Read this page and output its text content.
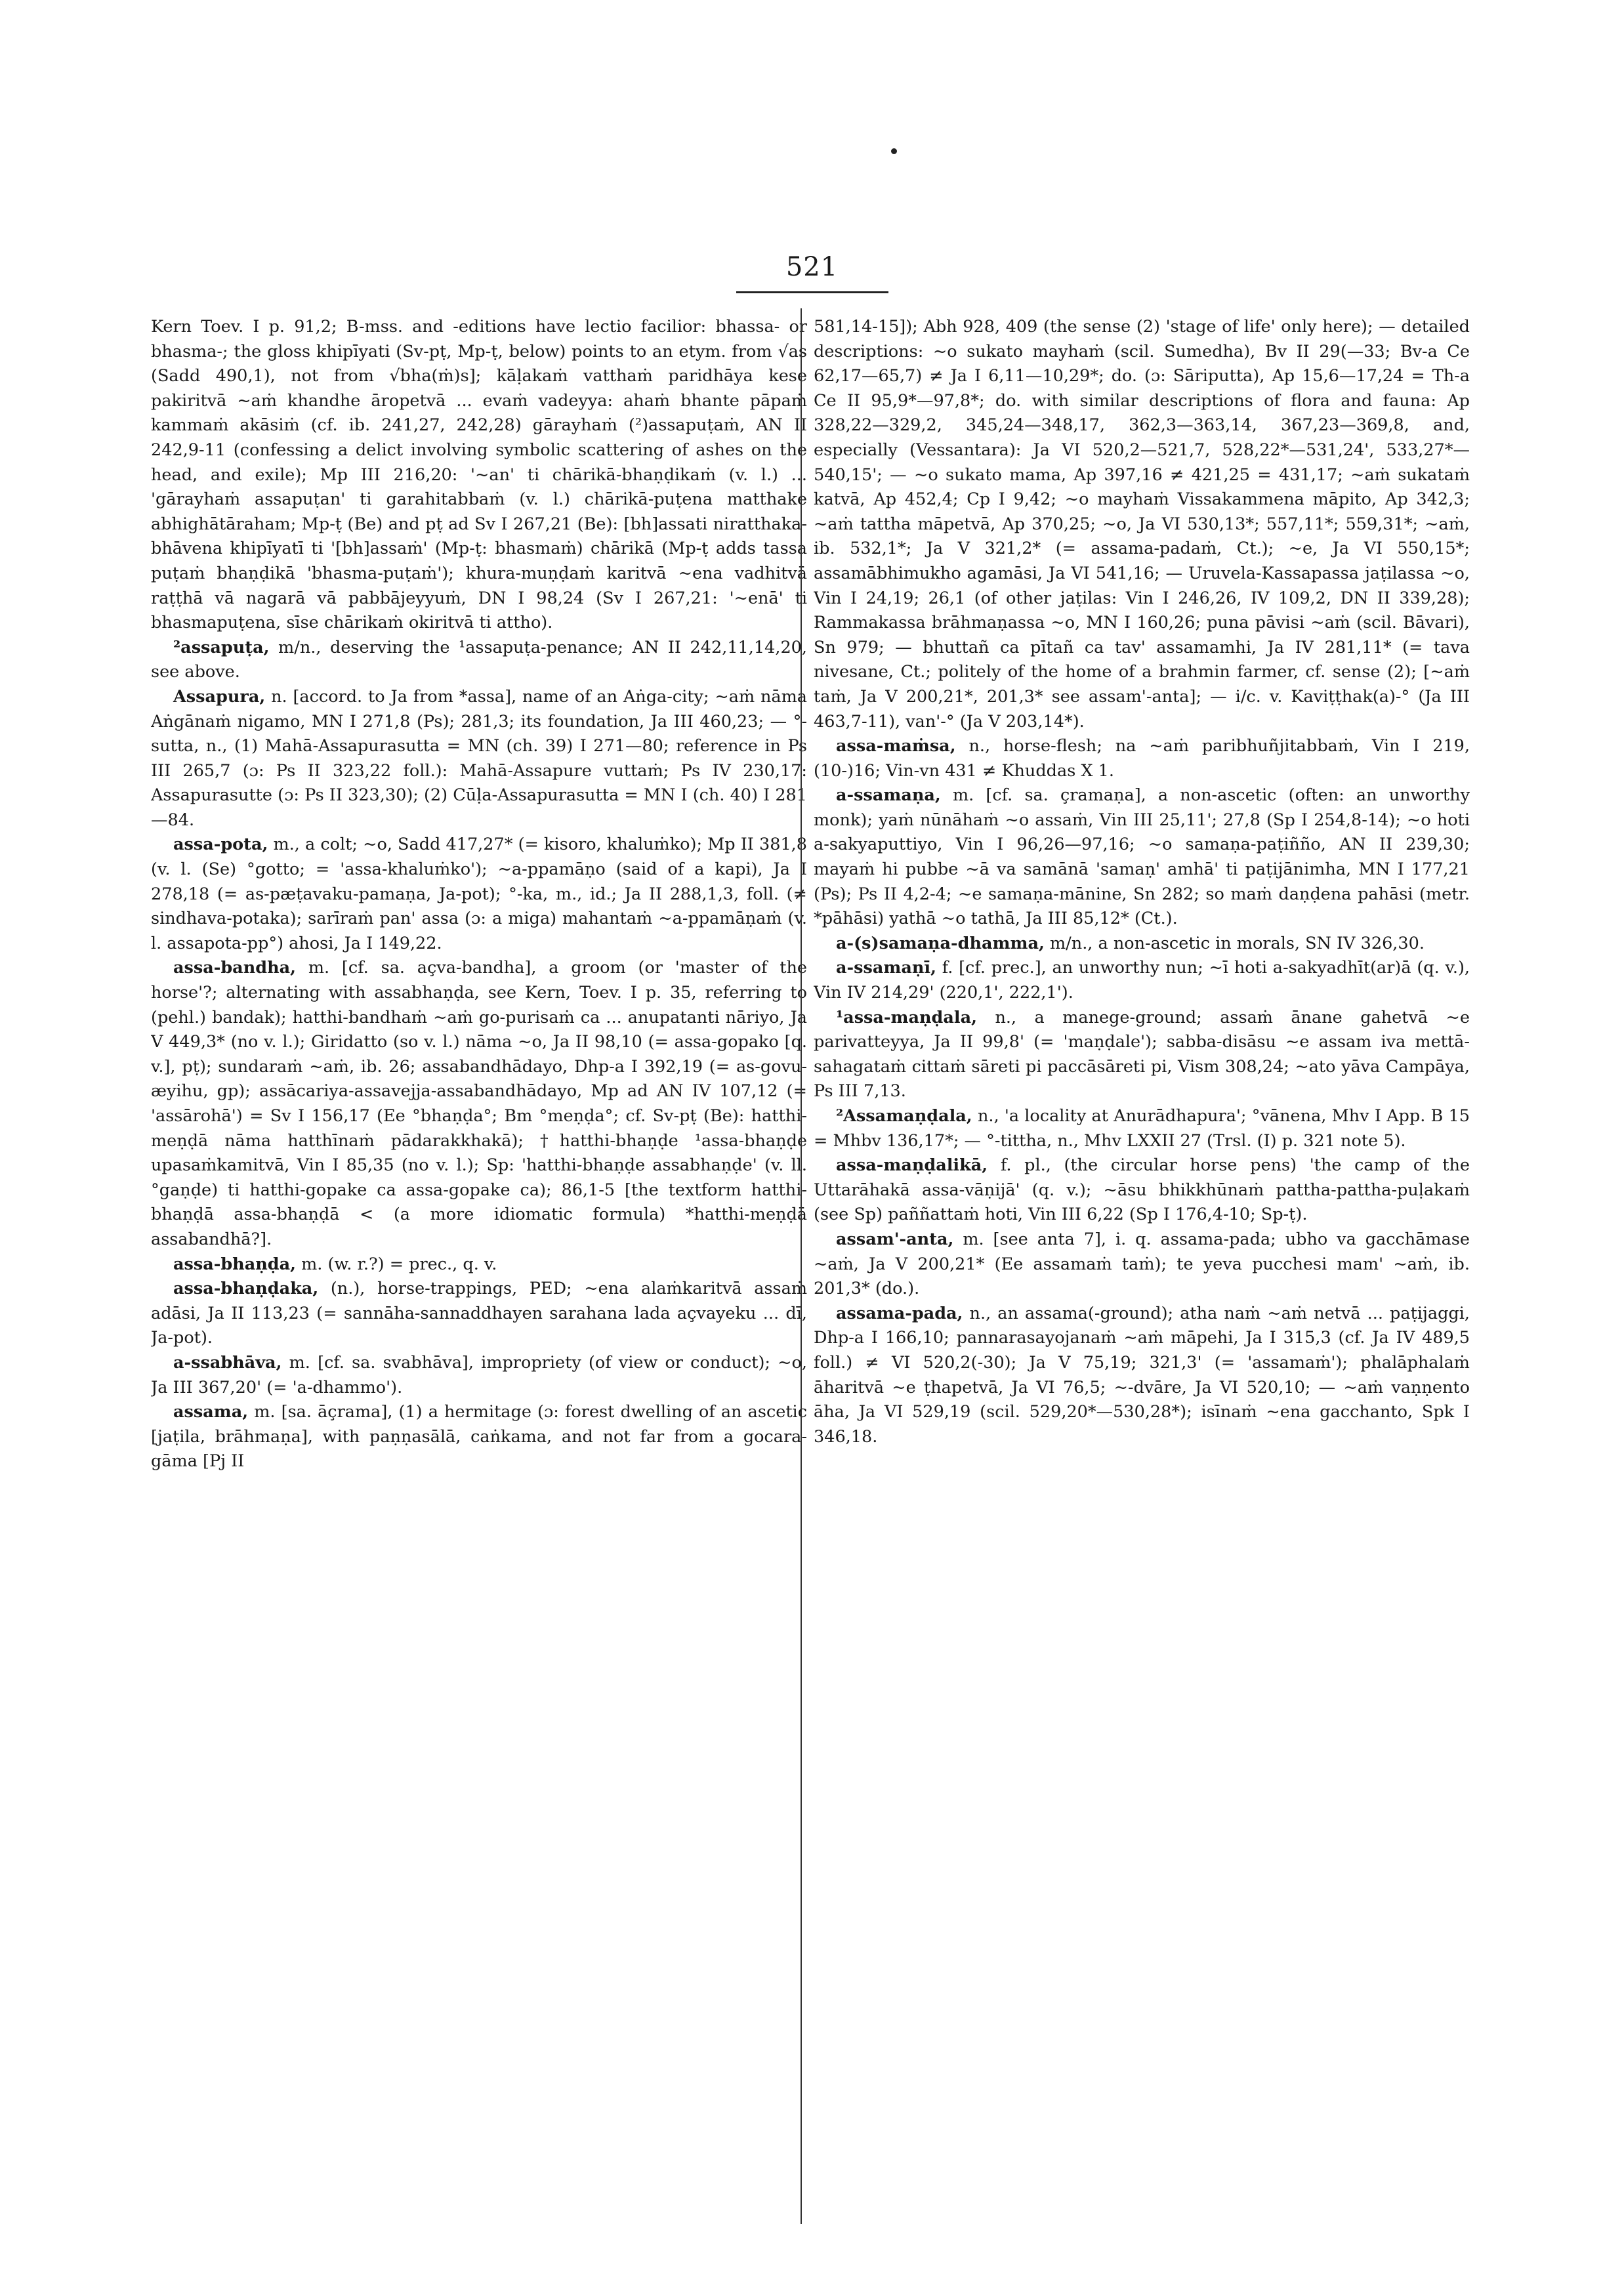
521

Kern Toev. I p. 91,2; B-mss. and -editions have lectio facilior: bhassa- or bhasma-; the gloss khipīyati (Sv-pṭ, Mp-ṭ, below) points to an etym. from √as (Sadd 490,1), not from √bha(ṁ)s]; kāḷakaṁ vatthaṁ paridhāya kese pakiritvā ~aṁ khandhe āropetvā ... evaṁ vadeyya: ahaṁ bhante pāpaṁ kammaṁ akāsiṁ (cf. ib. 241,27, 242,28) gārayhaṁ (²)assapuṭaṁ, AN II 242,9-11 (confessing a delict involving symbolic scattering of ashes on the head, and exile); Mp III 216,20: '~an' ti chārikā-bhaṇḍikaṁ (v. l.) ... 'gārayhaṁ assapuṭan' ti garahitabbaṁ (v. l.) chārikā-puṭena matthake abhighātāraham; Mp-ṭ (Be) and pṭ ad Sv I 267,21 (Be): [bh]assati niratthaka-bhāvena khipīyatī ti '[bh]assaṁ' (Mp-ṭ: bhasmaṁ) chārikā (Mp-ṭ adds tassa puṭaṁ bhaṇḍikā 'bhasma-puṭaṁ'); khura-muṇḍaṁ karitvā ~ena vadhitvā raṭṭhā vā nagarā vā pabbājeyyuṁ, DN I 98,24 (Sv I 267,21: '~enā' ti bhasmapuṭena, sīse chārikaṁ okiritvā ti attho).

²assapuṭa, m/n., deserving the ¹assapuṭa-penance; AN II 242,11,14,20, see above.

Assapura, n. [accord. to Ja from *assa], name of an Aṅga-city; ~aṁ nāma Aṅgānaṁ nigamo, MN I 271,8 (Ps); 281,3; its foundation, Ja III 460,23; — °-sutta, n., (1) Mahā-Assapurasutta = MN (ch. 39) I 271—80; reference in Ps III 265,7 (ɔ: Ps II 323,22 foll.): Mahā-Assapure vuttaṁ; Ps IV 230,17: Assapurasutte (ɔ: Ps II 323,30); (2) Cūḷa-Assapurasutta = MN I (ch. 40) I 281—84.

assa-pota, m., a colt; ~o, Sadd 417,27* (= kisoro, khaluṁko); Mp II 381,8 (v. l. (Se) °gotto; = 'assa-khaluṁko'); ~a-ppamāṇo (said of a kapi), Ja I 278,18 (= as-pæṭavaku-pamaṇa, Ja-pot); °-ka, m., id.; Ja II 288,1,3, foll. (≠ sindhava-potaka); sarīraṁ pan' assa (ɔ: a miga) mahantaṁ ~a-ppamāṇaṁ (v. l. assapota-pp°) ahosi, Ja I 149,22.

assa-bandha, m. [cf. sa. açva-bandha], a groom (or 'master of the horse'?; alternating with assabhaṇḍa, see Kern, Toev. I p. 35, referring to (pehl.) bandak); hatthi-bandhaṁ ~aṁ go-purisaṁ ca ... anupatanti nāriyo, Ja V 449,3* (no v. l.); Giridatto (so v. l.) nāma ~o, Ja II 98,10 (= assa-gopako [q. v.], pṭ); sundaraṁ ~aṁ, ib. 26; assabandhādayo, Dhp-a I 392,19 (= as-govu-æyihu, gp); assācariya-assavejja-assabandhādayo, Mp ad AN IV 107,12 (= 'assārohā') = Sv I 156,17 (Ee °bhaṇḍa°; Bm °meṇḍa°; cf. Sv-pṭ (Be): hatthi-meṇḍā nāma hatthīnaṁ pādarakkhakā); †hatthi-bhaṇḍe ¹assa-bhaṇḍe upasaṁkamitvā, Vin I 85,35 (no v. l.); Sp: 'hatthi-bhaṇḍe assabhaṇḍe' (v. ll. °gaṇḍe) ti hatthi-gopake ca assa-gopake ca); 86,1-5 [the textform hatthi-bhaṇḍā assa-bhaṇḍā < (a more idiomatic formula) *hatthi-meṇḍā assabandhā?].

assa-bhaṇḍa, m. (w. r.?) = prec., q. v.

assa-bhaṇḍaka, (n.), horse-trappings, PED; ~ena alaṁkaritvā assaṁ adāsi, Ja II 113,23 (= sannāha-sannaddhayen sarahana lada açvayeku ... dī, Ja-pot).

a-ssabhāva, m. [cf. sa. svabhāva], impropriety (of view or conduct); ~o, Ja III 367,20' (= 'a-dhammo').

assama, m. [sa. āçrama], (1) a hermitage (ɔ: forest dwelling of an ascetic [jaṭila, brāhmaṇa], with paṇṇasālā, caṅkama, and not far from a gocara-gāma [Pj II

581,14-15]); Abh 928, 409 (the sense (2) 'stage of life' only here); — detailed descriptions: ~o sukato mayhaṁ (scil. Sumedha), Bv II 29(—33; Bv-a Ce 62,17—65,7) ≠ Ja I 6,11—10,29*; do. (ɔ: Sāriputta), Ap 15,6—17,24 = Th-a Ce II 95,9*—97,8*; do. with similar descriptions of flora and fauna: Ap 328,22—329,2, 345,24—348,17, 362,3—363,14, 367,23—369,8, and, especially (Vessantara): Ja VI 520,2—521,7, 528,22*—531,24', 533,27*—540,15'; — ~o sukato mama, Ap 397,16 ≠ 421,25 = 431,17; ~aṁ sukataṁ katvā, Ap 452,4; Cp I 9,42; ~o mayhaṁ Vissakammena māpito, Ap 342,3; ~aṁ tattha māpetvā, Ap 370,25; ~o, Ja VI 530,13*; 557,11*; 559,31*; ~aṁ, ib. 532,1*; Ja V 321,2* (= assama-padaṁ, Ct.); ~e, Ja VI 550,15*; assamābhimukho agamāsi, Ja VI 541,16; — Uruvela-Kassapassa jaṭilassa ~o, Vin I 24,19; 26,1 (of other jaṭilas: Vin I 246,26, IV 109,2, DN II 339,28); Rammakassa brāhmaṇassa ~o, MN I 160,26; puna pāvisi ~aṁ (scil. Bāvari), Sn 979; — bhuttañ ca pītañ ca tav' assamamhi, Ja IV 281,11* (= tava nivesane, Ct.; politely of the home of a brahmin farmer, cf. sense (2); [~aṁ taṁ, Ja V 200,21*, 201,3* see assam'-anta]; — i/c. v. Kaviṭṭhak(a)-° (Ja III 463,7-11), van'-° (Ja V 203,14*).

assa-maṁsa, n., horse-flesh; na ~aṁ paribhuñjitabbaṁ, Vin I 219,(10-)16; Vin-vn 431 ≠ Khuddas X 1.

a-ssamaṇa, m. [cf. sa. çramaṇa], a non-ascetic (often: an unworthy monk); yaṁ nūnāhaṁ ~o assaṁ, Vin III 25,11'; 27,8 (Sp I 254,8-14); ~o hoti a-sakyaputtiyo, Vin I 96,26—97,16; ~o samaṇa-paṭiñño, AN II 239,30; mayaṁ hi pubbe ~ā va samānā 'samaṇ' amhā' ti paṭijānimha, MN I 177,21 (Ps); Ps II 4,2-4; ~e samaṇa-mānine, Sn 282; so maṁ daṇḍena pahāsi (metr. *pāhāsi) yathā ~o tathā, Ja III 85,12* (Ct.).

a-(s)samaṇa-dhamma, m/n., a non-ascetic in morals, SN IV 326,30.

a-ssamaṇī, f. [cf. prec.], an unworthy nun; ~ī hoti a-sakyadhīt(ar)ā (q. v.), Vin IV 214,29' (220,1', 222,1').

¹assa-maṇḍala, n., a manege-ground; assaṁ ānane gahetvā ~e parivatteyya, Ja II 99,8' (= 'maṇḍale'); sabba-disāsu ~e assam iva mettā-sahagataṁ cittaṁ sāreti pi paccāsāreti pi, Vism 308,24; ~ato yāva Campāya, Ps III 7,13.

²Assamaṇḍala, n., 'a locality at Anurādhapura'; °vānena, Mhv I App. B 15 = Mhbv 136,17*; — °-tittha, n., Mhv LXXII 27 (Trsl. (I) p. 321 note 5).

assa-maṇḍalikā, f. pl., (the circular horse pens) 'the camp of the Uttarāhakā assa-vāṇijā' (q. v.); ~āsu bhikkhūnaṁ pattha-pattha-puḷakaṁ (see Sp) paññattaṁ hoti, Vin III 6,22 (Sp I 176,4-10; Sp-ṭ).

assam'-anta, m. [see anta 7], i. q. assama-pada; ubho va gacchāmase ~aṁ, Ja V 200,21* (Ee assamaṁ taṁ); te yeva pucchesi mam' ~aṁ, ib. 201,3* (do.).

assama-pada, n., an assama(-ground); atha naṁ ~aṁ netvā ... paṭijaggi, Dhp-a I 166,10; pannarasayojanaṁ ~aṁ māpehi, Ja I 315,3 (cf. Ja IV 489,5 foll.) ≠ VI 520,2(-30); Ja V 75,19; 321,3' (= 'assamaṁ'); phalāphalaṁ āharitvā ~e ṭhapetvā, Ja VI 76,5; ~-dvāre, Ja VI 520,10; — ~aṁ vaṇṇento āha, Ja VI 529,19 (scil. 529,20*—530,28*); isīnaṁ ~ena gacchanto, Spk I 346,18.
